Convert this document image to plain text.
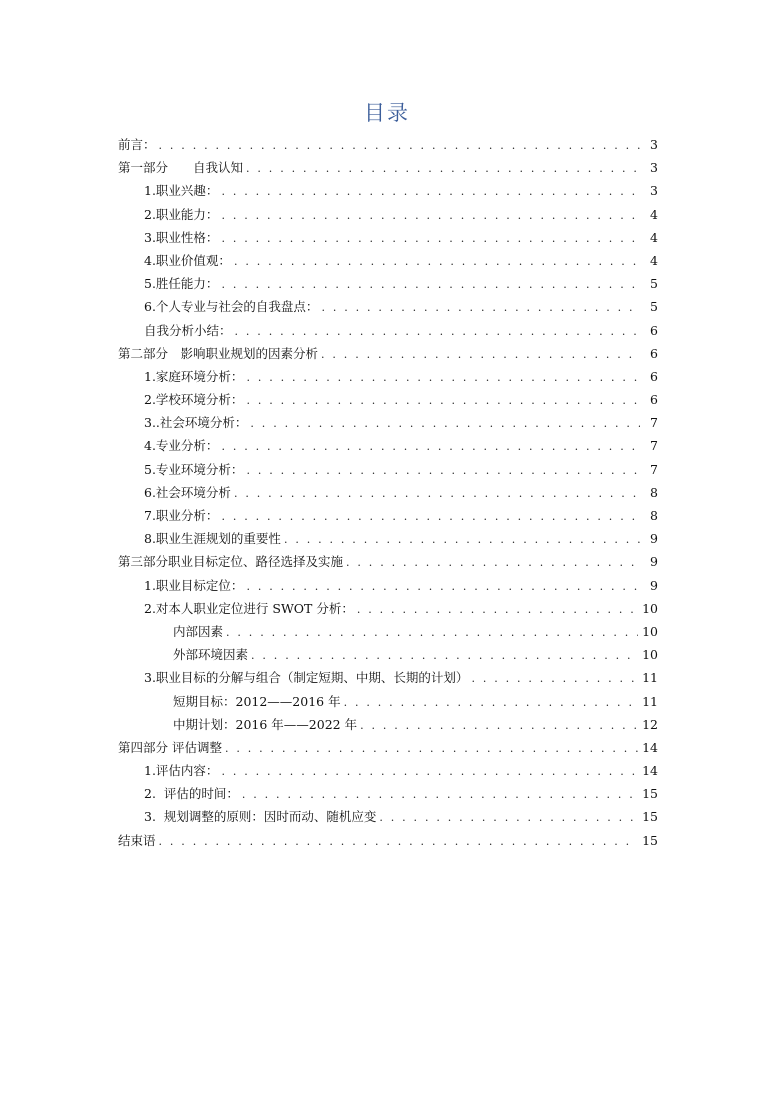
目录
前言： . . .	3
第一部分　　自我认知 . . .	3
1.职业兴趣： . . .	3
2.职业能力： . . .	4
3.职业性格： . . .	4
4.职业价值观： . . .	4
5.胜任能力： . . .	5
6.个人专业与社会的自我盘点： . . .	5
自我分析小结： . . .	6
第二部分　影响职业规划的因素分析 . . .	6
1.家庭环境分析： . . .	6
2.学校环境分析： . . .	6
3..社会环境分析： . . .	7
4.专业分析： . . .	7
5.专业环境分析： . . .	7
6.社会环境分析 . . .	8
7.职业分析： . . .	8
8.职业生涯规划的重要性 . . .	9
第三部分职业目标定位、路径选择及实施 . . .	9
1.职业目标定位： . . .	9
2.对本人职业定位进行 SWOT 分析： . . .	10
内部因素 . . .	10
外部环境因素 . . .	10
3.职业目标的分解与组合（制定短期、中期、长期的计划） . . .	11
短期目标：2012——2016 年 . . .	11
中期计划：2016 年——2022 年 . . .	12
第四部分 评估调整 . . .	14
1.评估内容： . . .	14
2.  评估的时间： . . .	15
3.  规划调整的原则：因时而动、随机应变 . . .	15
结束语 . . .	15
